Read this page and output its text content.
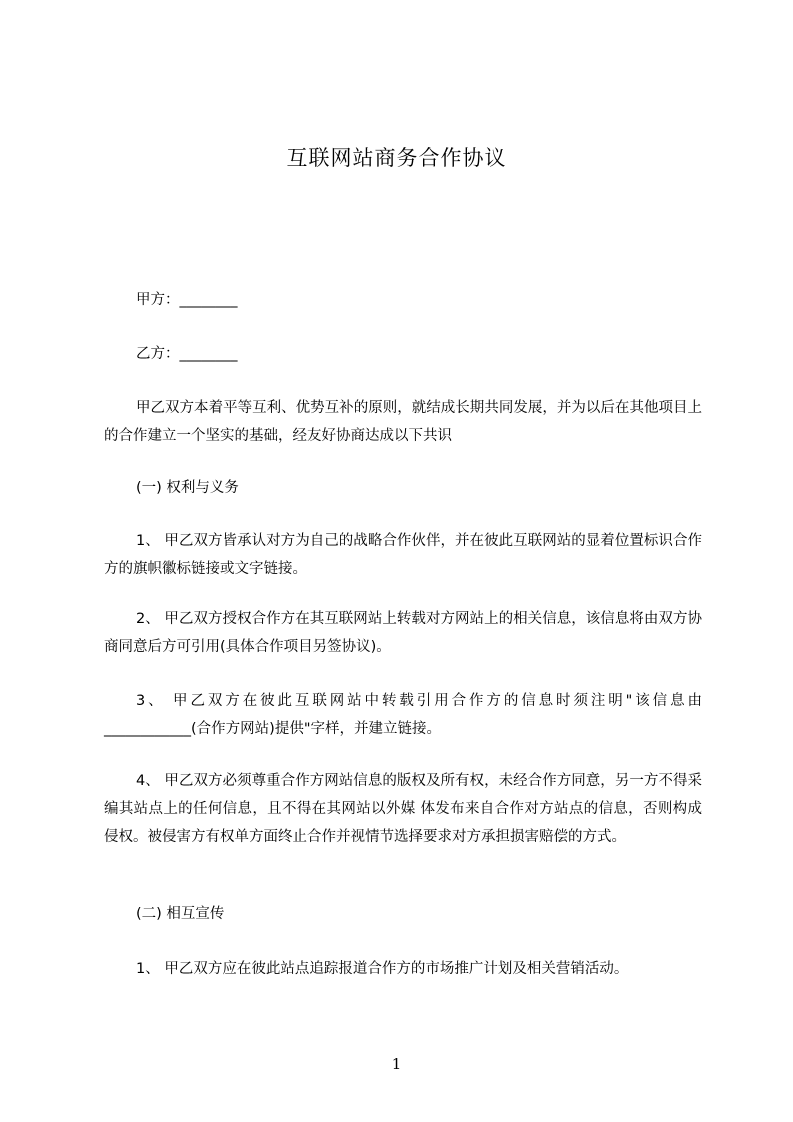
互联网站商务合作协议

甲方：________

乙方：________

甲乙双方本着平等互利、优势互补的原则，就结成长期共同发展，并为以后在其他项目上的合作建立一个坚实的基础，经友好协商达成以下共识

(一) 权利与义务

1、 甲乙双方皆承认对方为自己的战略合作伙伴，并在彼此互联网站的显着位置标识合作方的旗帜徽标链接或文字链接。

2、 甲乙双方授权合作方在其互联网站上转载对方网站上的相关信息，该信息将由双方协商同意后方可引用(具体合作项目另签协议)。

3、 甲乙双方在彼此互联网站中转载引用合作方的信息时须注明"该信息由____________(合作方网站)提供"字样，并建立链接。

4、 甲乙双方必须尊重合作方网站信息的版权及所有权，未经合作方同意，另一方不得采编其站点上的任何信息，且不得在其网站以外媒 体发布来自合作对方站点的信息，否则构成侵权。被侵害方有权单方面终止合作并视情节选择要求对方承担损害赔偿的方式。

(二) 相互宣传

1、 甲乙双方应在彼此站点追踪报道合作方的市场推广计划及相关营销活动。

1
